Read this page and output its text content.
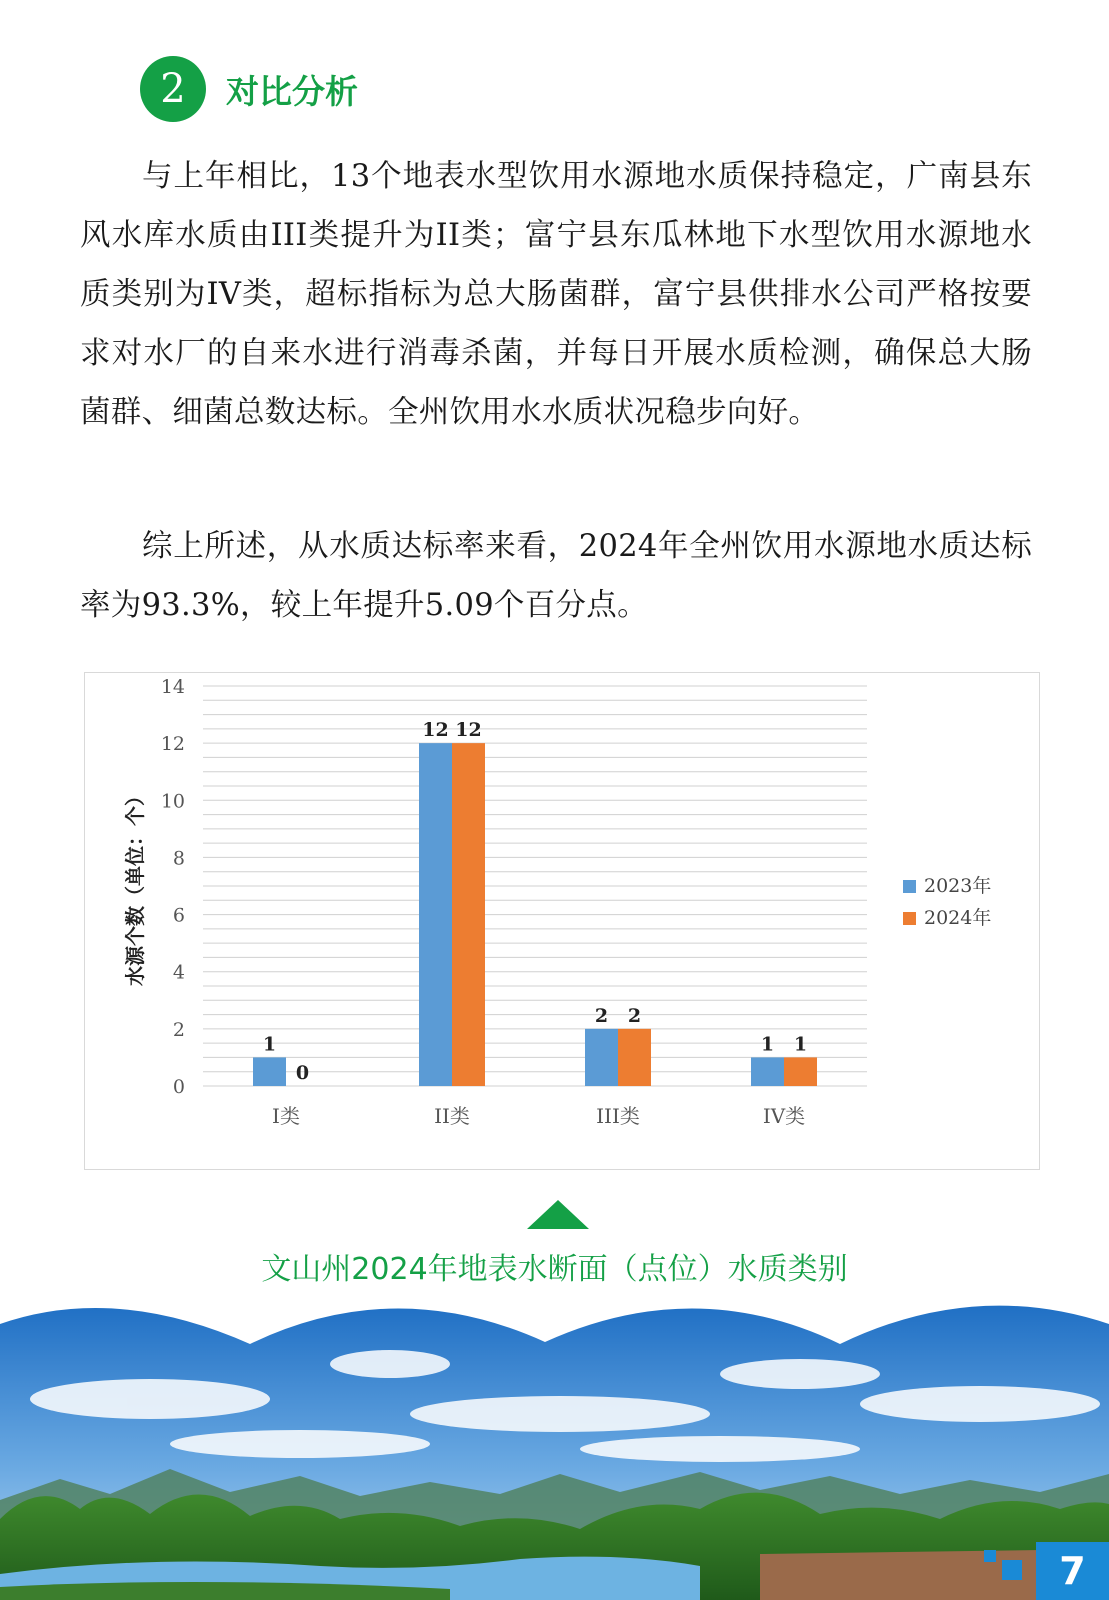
2	对比分析

与上年相比，13个地表水型饮用水源地水质保持稳定，广南县东风水库水质由III类提升为II类；富宁县东瓜林地下水型饮用水源地水质类别为IV类，超标指标为总大肠菌群，富宁县供排水公司严格按要求对水厂的自来水进行消毒杀菌，并每日开展水质检测，确保总大肠菌群、细菌总数达标。全州饮用水水质状况稳步向好。

综上所述，从水质达标率来看，2024年全州饮用水源地水质达标率为93.3%，较上年提升5.09个百分点。

0
2
4
6
8
10
12
14
水源个数（单位：个）
1
0
I类
12 12
II类
2 2
III类
1 1
IV类
2023年
2024年
文山州2024年地表水断面（点位）水质类别
7
